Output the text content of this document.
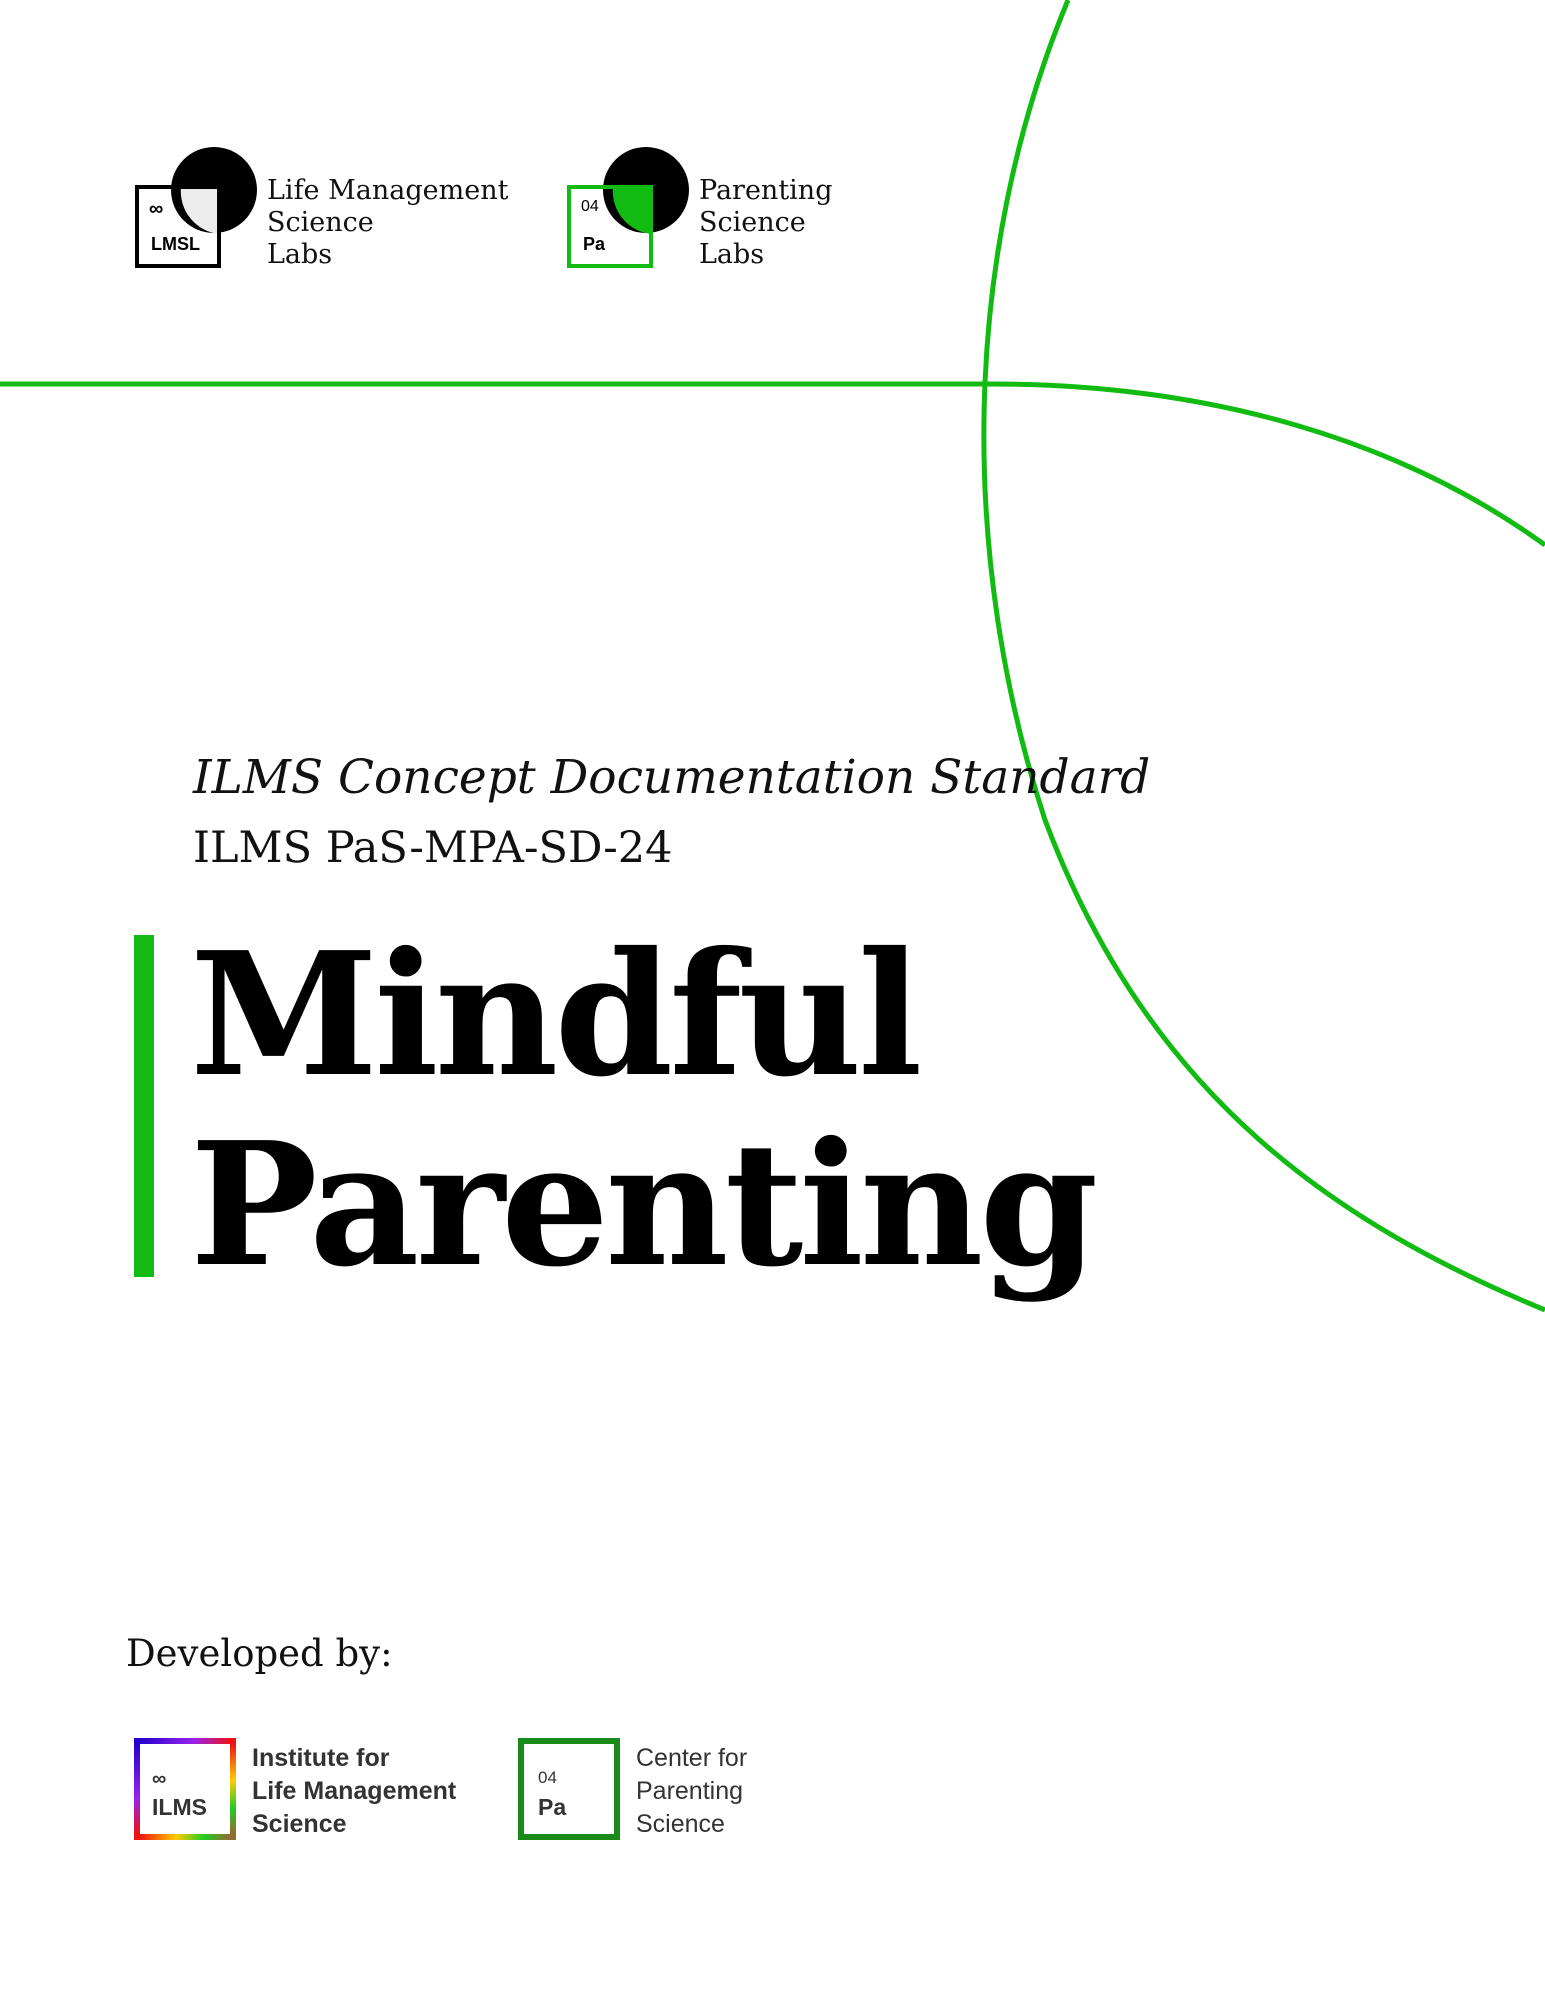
∞
LMSL
Life Management
Science
Labs
04
Pa
Parenting
Science
Labs
ILMS Concept Documentation Standard
ILMS PaS-MPA-SD-24
Mindful
Parenting

Developed by:

∞
ILMS
Institute for
Life Management
Science
04
Pa
Center for
Parenting
Science
